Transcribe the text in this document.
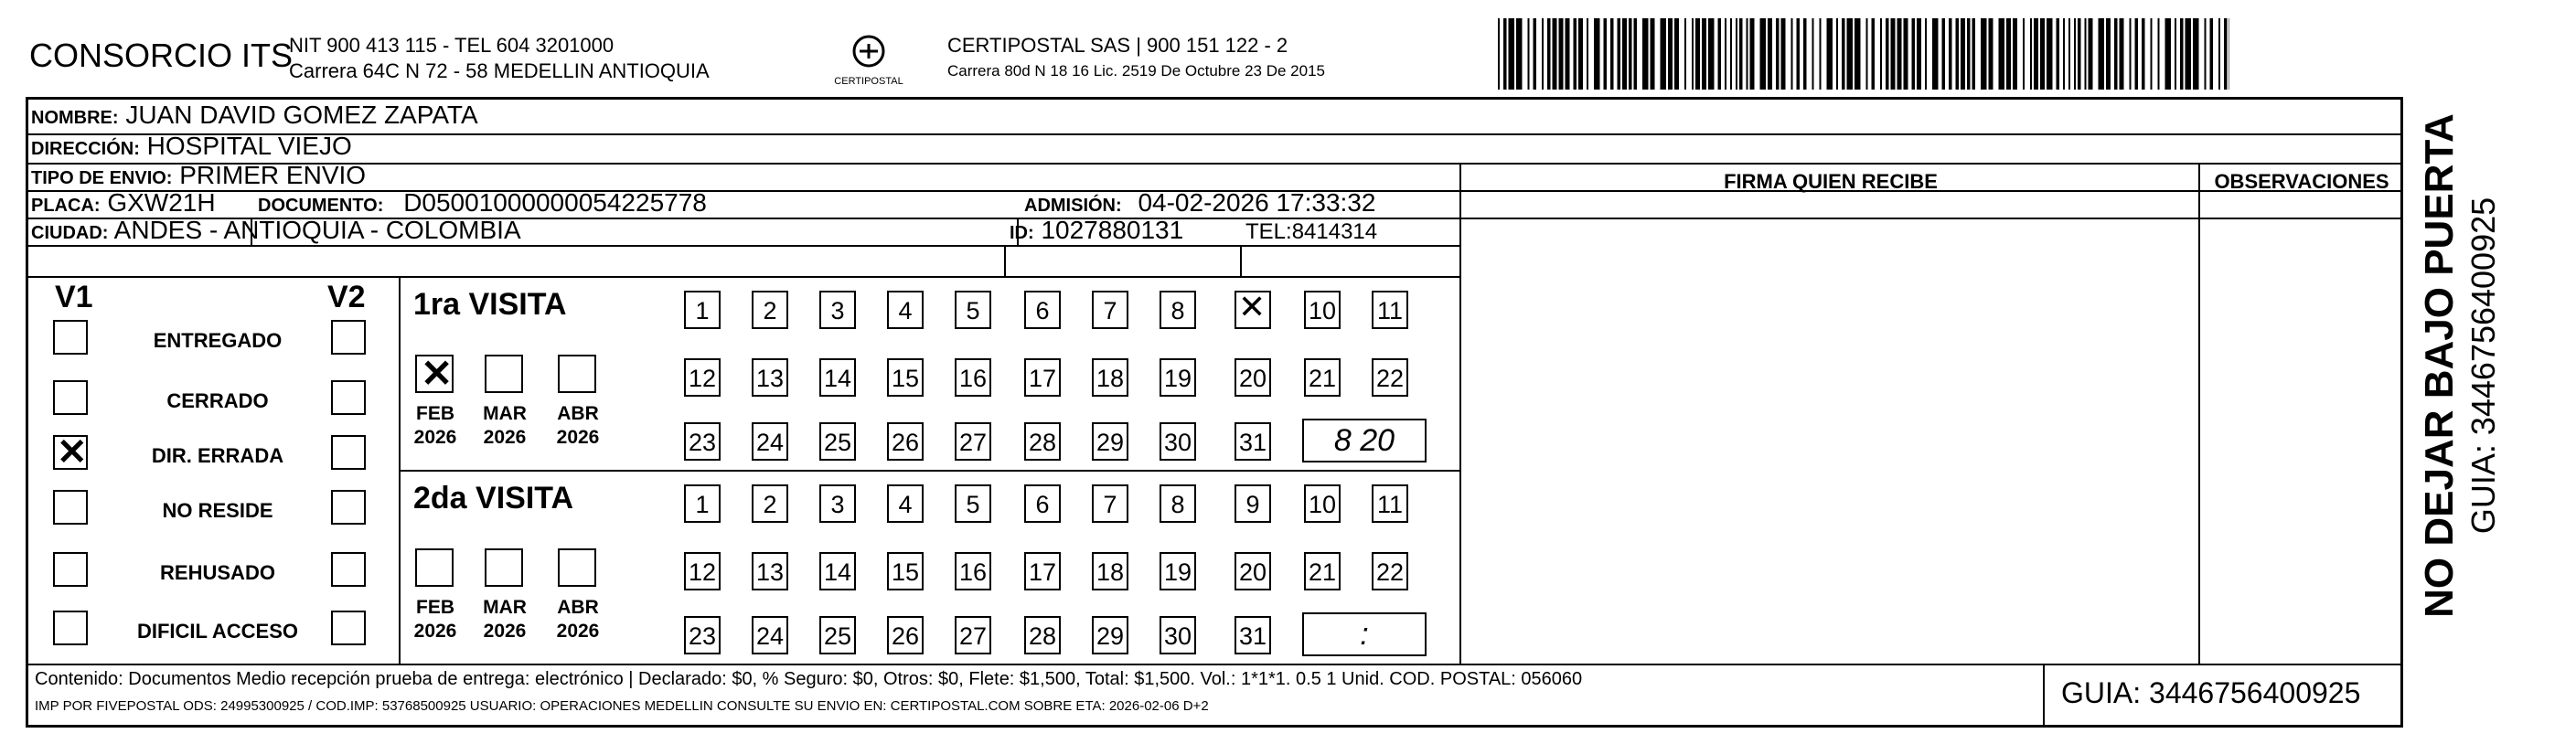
CONSORCIO ITS
NIT 900 413 115 - TEL 604 3201000
Carrera 64C N 72 - 58 MEDELLIN ANTIOQUIA	CERTIPOSTAL
CERTIPOSTAL SAS | 900 151 122 - 2
Carrera 80d N 18 16 Lic. 2519 De Octubre 23 De 2015
NOMBRE: JUAN DAVID GOMEZ ZAPATA
DIRECCIÓN: HOSPITAL VIEJO
TIPO DE ENVIO: PRIMER ENVIO	FIRMA QUIEN RECIBE	OBSERVACIONES
PLACA: GXW21H DOCUMENTO: D05001000000054225778	ADMISIÓN: 04-02-2026 17:33:32
CIUDAD: ANDES - ANTIOQUIA - COLOMBIA	ID: 1027880131	TEL:8414314
V1	V2
ENTREGADO
CERRADO
✕
DIR. ERRADA
NO RESIDE
REHUSADO
DIFICIL ACCESO
1ra VISITA
✕
FEB
2026
MAR
2026
ABR
2026
1	2	3	4	5	6	7	8
✕	10 11
12 13 14 15 16 17 18 19 20 21 22
23 24 25 26 27 28 29 30 31	8 20
2da VISITA
FEB
2026
MAR
2026
ABR
2026
1	2	3	4	5	6	7	8	9	10 11
12 13 14 15 16 17 18 19 20 21 22
23 24 25 26 27 28 29 30 31	:
Contenido: Documentos Medio recepción prueba de entrega: electrónico | Declarado: $0, % Seguro: $0, Otros: $0, Flete: $1,500, Total: $1,500. Vol.: 1*1*1. 0.5 1 Unid. COD. POSTAL: 056060
IMP POR FIVEPOSTAL ODS: 24995300925 / COD.IMP: 53768500925 USUARIO: OPERACIONES MEDELLIN CONSULTE SU ENVIO EN: CERTIPOSTAL.COM SOBRE ETA: 2026-02-06 D+2	GUIA: 3446756400925
NO DEJAR BAJO PUERTA GUIA: 3446756400925
